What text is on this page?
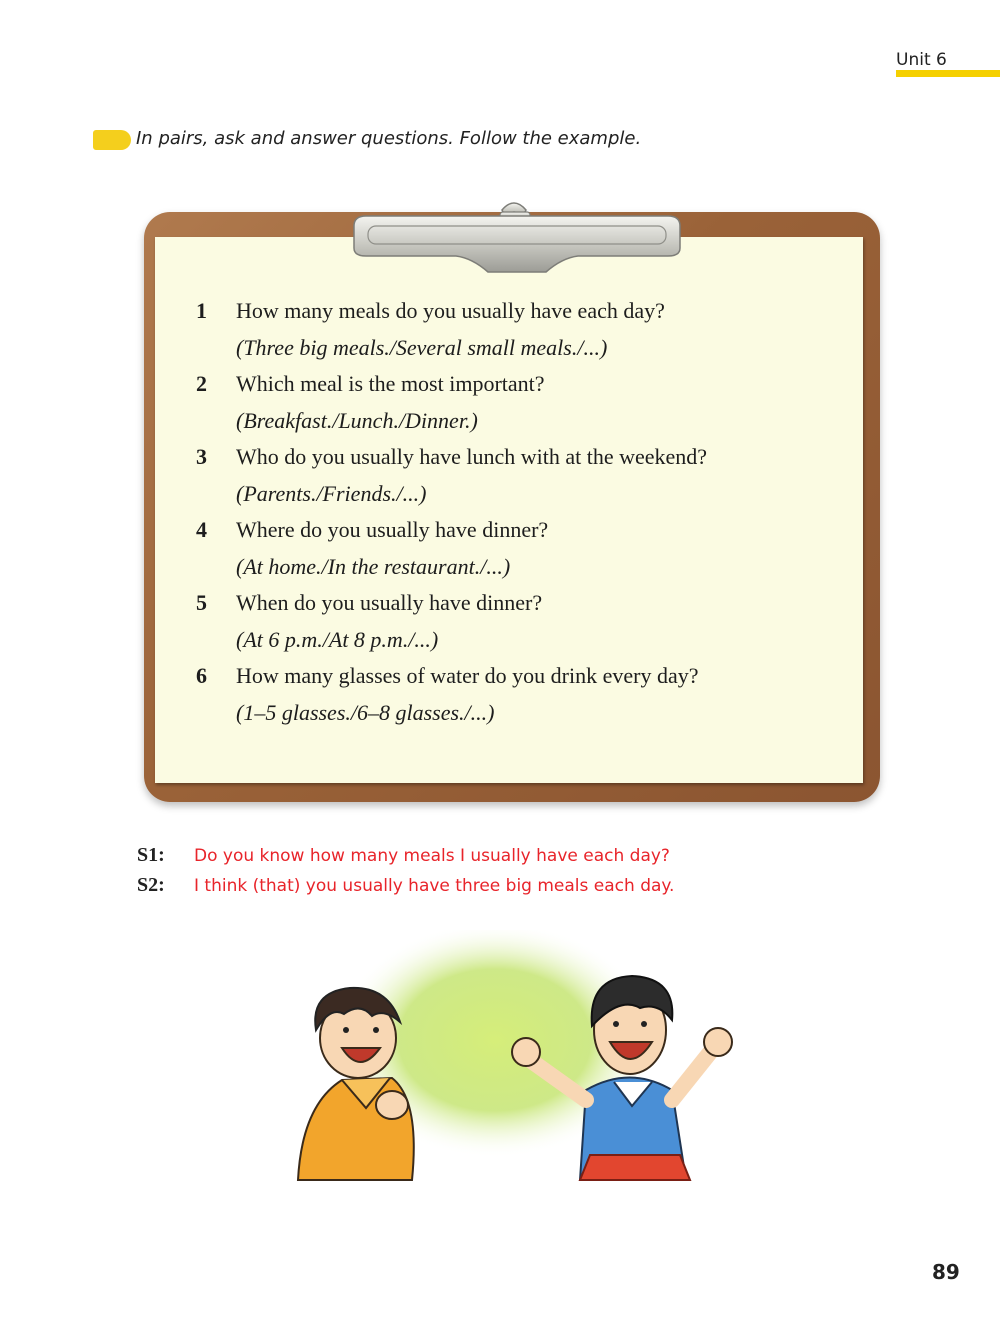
Unit 6
In pairs, ask and answer questions. Follow the example.
1	How many meals do you usually have each day?
(Three big meals./Several small meals./...)
2	Which meal is the most important?
(Breakfast./Lunch./Dinner.)
3	Who do you usually have lunch with at the weekend?
(Parents./Friends./...)
4	Where do you usually have dinner?
(At home./In the restaurant./...)
5	When do you usually have dinner?
(At 6 p.m./At 8 p.m./...)
6	How many glasses of water do you drink every day?
(1–5 glasses./6–8 glasses./...)
S1: Do you know how many meals I usually have each day?
S2: I think (that) you usually have three big meals each day.
89
